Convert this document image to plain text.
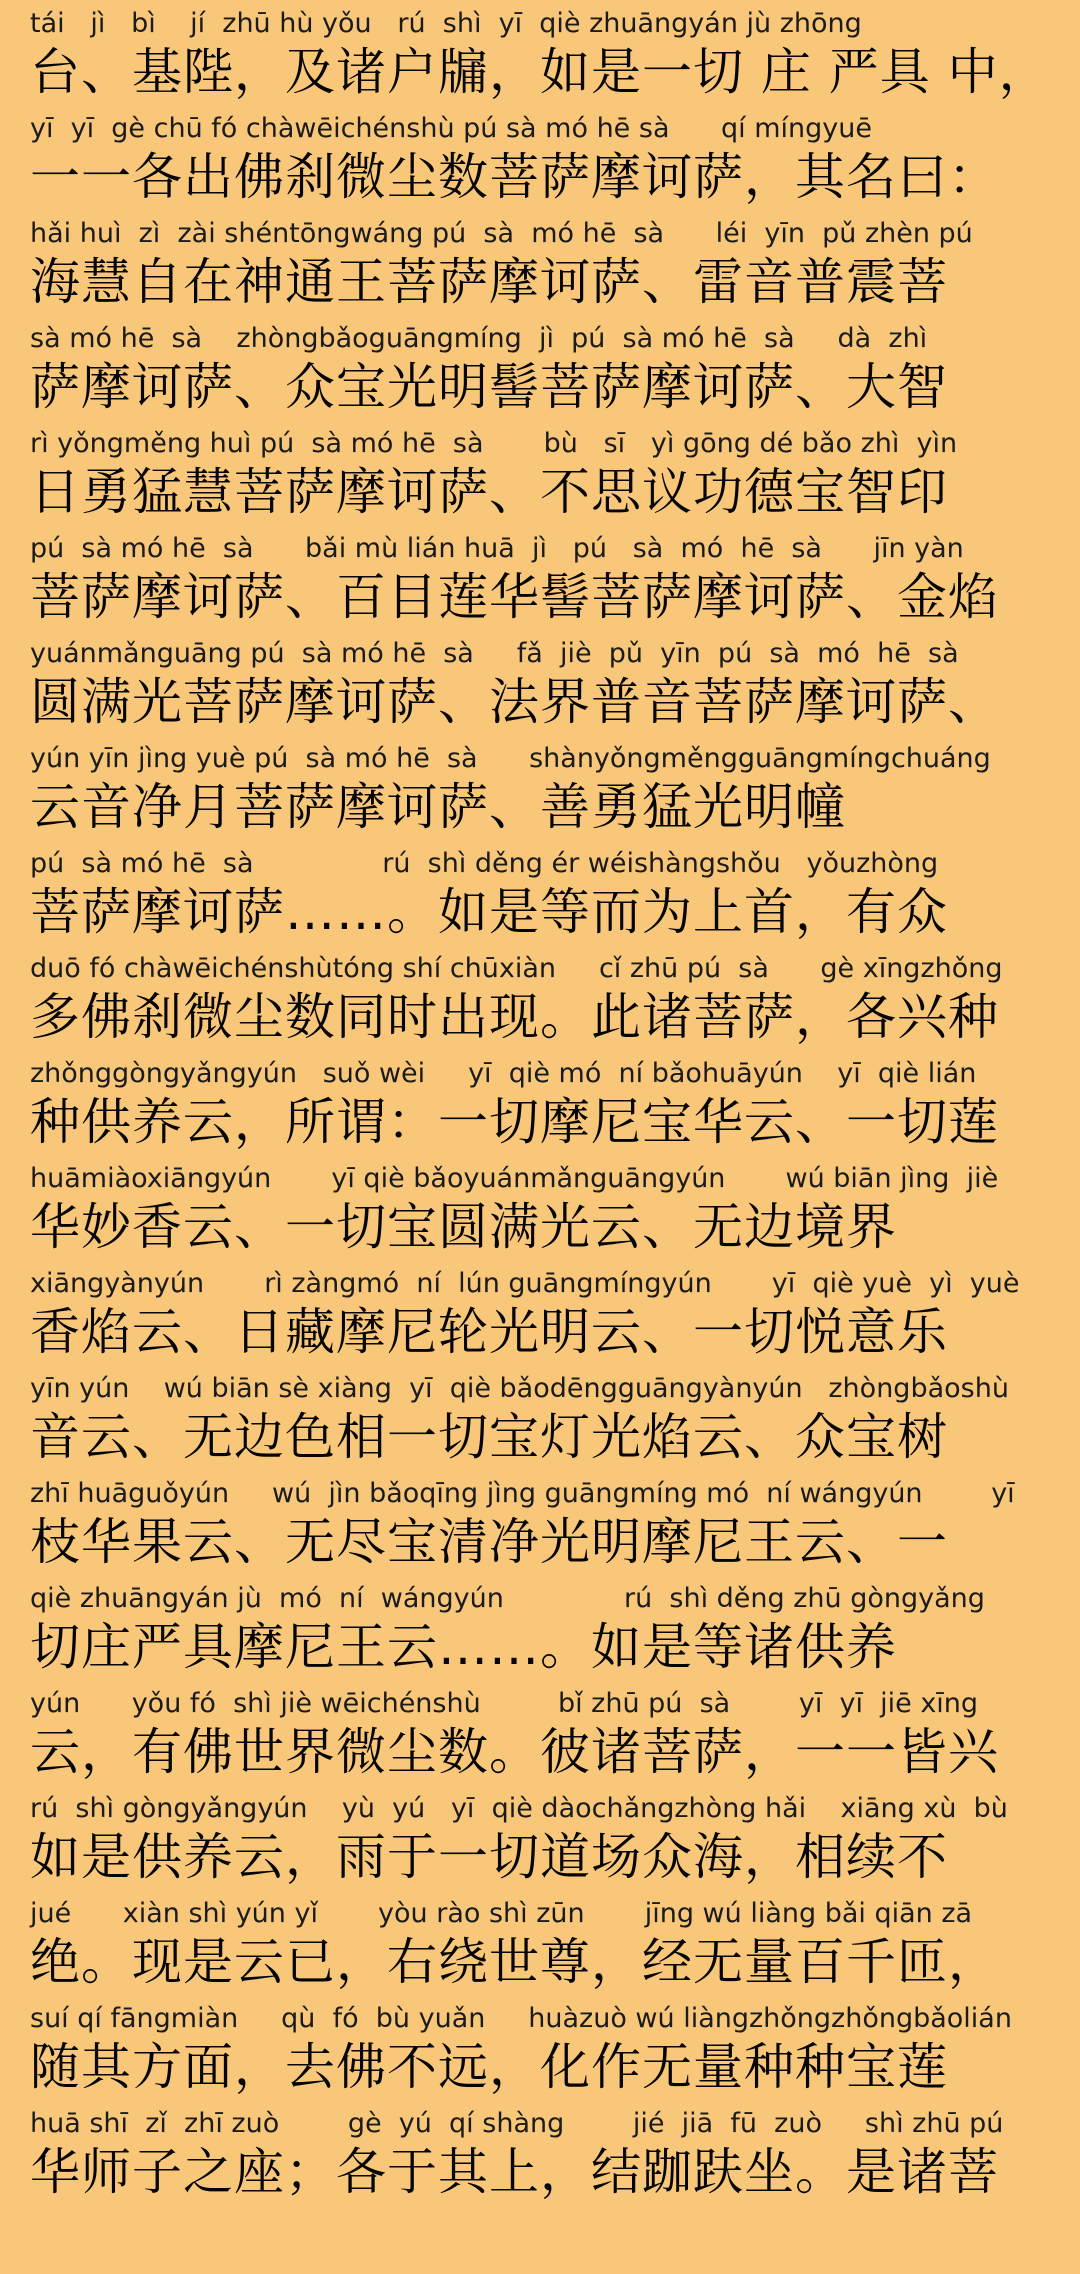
tái   jì   bì    jí  zhū hù yǒu   rú  shì  yī  qiè zhuāngyán jù zhōng
台、基陛，及诸户牖，如是一切 庄 严具 中，
yī  yī  gè chū fó chàwēichénshù pú sà mó hē sà      qí míngyuē
一一各出佛刹微尘数菩萨摩诃萨，其名曰：
hǎi huì  zì  zài shéntōngwáng pú  sà  mó hē  sà      léi  yīn  pǔ zhèn pú
海慧自在神通王菩萨摩诃萨、雷音普震菩
sà mó hē  sà    zhòngbǎoguāngmíng  jì  pú  sà mó hē  sà     dà  zhì
萨摩诃萨、众宝光明髻菩萨摩诃萨、大智
rì yǒngměng huì pú  sà mó hē  sà       bù   sī   yì gōng dé bǎo zhì  yìn
日勇猛慧菩萨摩诃萨、不思议功德宝智印
pú  sà mó hē  sà      bǎi mù lián huā  jì   pú   sà  mó  hē  sà      jīn yàn
菩萨摩诃萨、百目莲华髻菩萨摩诃萨、金焰
yuánmǎnguāng pú  sà mó hē  sà     fǎ  jiè  pǔ  yīn  pú  sà  mó  hē  sà
圆满光菩萨摩诃萨、法界普音菩萨摩诃萨、
yún yīn jìng yuè pú  sà mó hē  sà      shànyǒngměngguāngmíngchuáng
云音净月菩萨摩诃萨、善勇猛光明幢
pú  sà mó hē  sà               rú  shì děng ér wéishàngshǒu   yǒuzhòng
菩萨摩诃萨……。如是等而为上首，有众
duō fó chàwēichénshùtóng shí chūxiàn     cǐ zhū pú  sà      gè xīngzhǒng
多佛刹微尘数同时出现。此诸菩萨，各兴种
zhǒnggòngyǎngyún   suǒ wèi     yī  qiè mó  ní bǎohuāyún    yī  qiè lián
种供养云，所谓：一切摩尼宝华云、一切莲
huāmiàoxiāngyún       yī qiè bǎoyuánmǎnguāngyún       wú biān jìng  jiè
华妙香云、一切宝圆满光云、无边境界
xiāngyànyún       rì zàngmó  ní  lún guāngmíngyún       yī  qiè yuè  yì  yuè
香焰云、日藏摩尼轮光明云、一切悦意乐
yīn yún    wú biān sè xiàng  yī  qiè bǎodēngguāngyànyún   zhòngbǎoshù
音云、无边色相一切宝灯光焰云、众宝树
zhī huāguǒyún     wú  jìn bǎoqīng jìng guāngmíng mó  ní wángyún        yī
枝华果云、无尽宝清净光明摩尼王云、一
qiè zhuāngyán jù  mó  ní  wángyún              rú  shì děng zhū gòngyǎng
切庄严具摩尼王云……。如是等诸供养
yún      yǒu fó  shì jiè wēichénshù         bǐ zhū pú  sà        yī  yī  jiē xīng
云，有佛世界微尘数。彼诸菩萨，一一皆兴
rú  shì gòngyǎngyún    yù  yú   yī  qiè dàochǎngzhòng hǎi    xiāng xù  bù
如是供养云，雨于一切道场众海，相续不
jué      xiàn shì yún yǐ       yòu rào shì zūn       jīng wú liàng bǎi qiān zā
绝。现是云已，右绕世尊，经无量百千匝，
suí qí fāngmiàn     qù  fó  bù yuǎn     huàzuò wú liàngzhǒngzhǒngbǎolián
随其方面，去佛不远，化作无量种种宝莲
huā shī  zǐ  zhī zuò        gè  yú  qí shàng        jié  jiā  fū  zuò     shì zhū pú
华师子之座；各于其上，结跏趺坐。是诸菩
